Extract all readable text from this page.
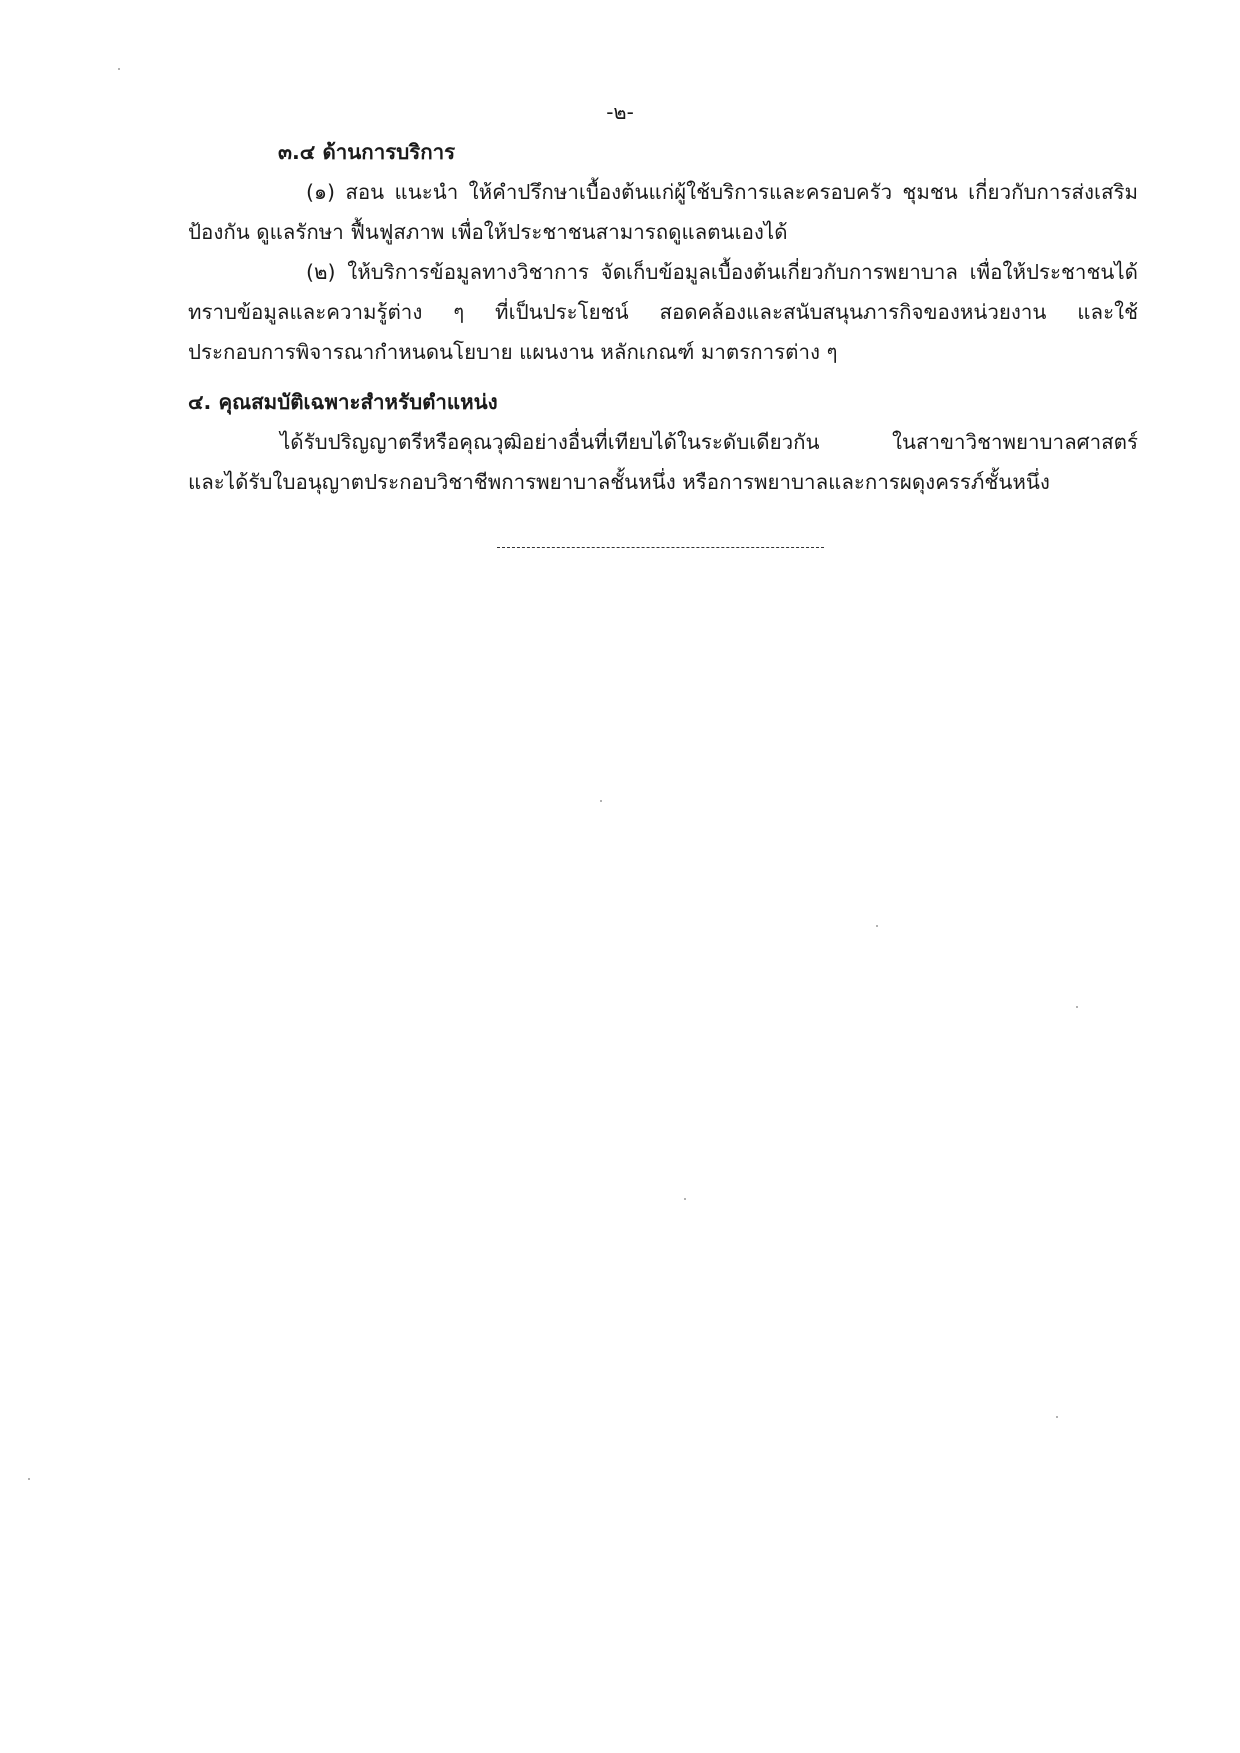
-๒-
๓.๔ ด้านการบริการ
(๑) สอน แนะนำ ให้คำปรึกษาเบื้องต้นแก่ผู้ใช้บริการและครอบครัว ชุมชน เกี่ยวกับการส่งเสริม
ป้องกัน ดูแลรักษา ฟื้นฟูสภาพ เพื่อให้ประชาชนสามารถดูแลตนเองได้
(๒) ให้บริการข้อมูลทางวิชาการ จัดเก็บข้อมูลเบื้องต้นเกี่ยวกับการพยาบาล เพื่อให้ประชาชนได้
ทราบข้อมูลและความรู้ต่าง ๆ ที่เป็นประโยชน์ สอดคล้องและสนับสนุนภารกิจของหน่วยงาน และใช้
ประกอบการพิจารณากำหนดนโยบาย แผนงาน หลักเกณฑ์ มาตรการต่าง ๆ
๔. คุณสมบัติเฉพาะสำหรับตำแหน่ง
ได้รับปริญญาตรีหรือคุณวุฒิอย่างอื่นที่เทียบได้ในระดับเดียวกัน ในสาขาวิชาพยาบาลศาสตร์
และได้รับใบอนุญาตประกอบวิชาชีพการพยาบาลชั้นหนึ่ง หรือการพยาบาลและการผดุงครรภ์ชั้นหนึ่ง
